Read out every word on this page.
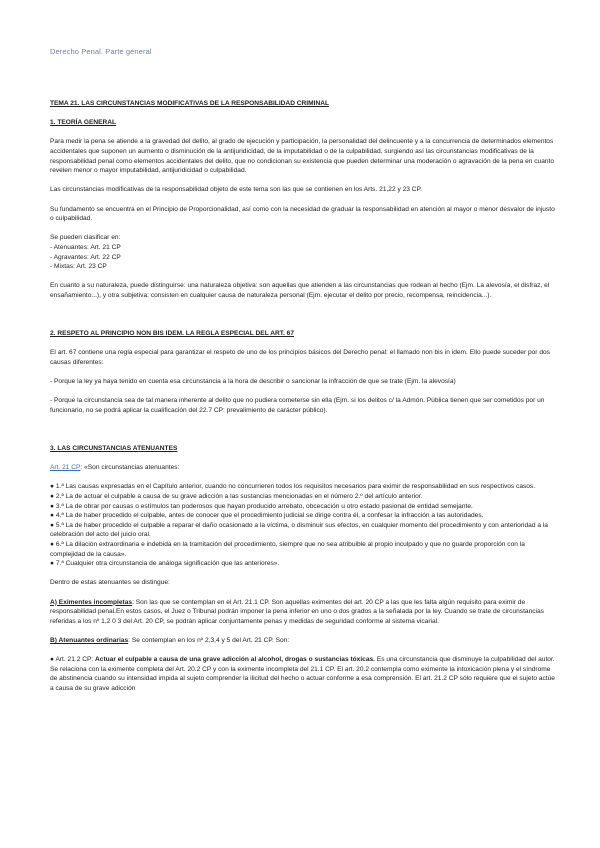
Derecho Penal. Parte general

TEMA 21. LAS CIRCUNSTANCIAS MODIFICATIVAS DE LA RESPONSABILIDAD CRIMINAL

1. TEORÍA GENERAL

Para medir la pena se atiende a la gravedad del delito, al grado de ejecución y participación, la personalidad del delincuente y a la concurrencia de determinados elementos accidentales que suponen un aumento o disminución de la antijuridicidad, de la imputabilidad o de la culpabilidad, surgiendo así las circunstancias modificativas de la responsabilidad penal como elementos accidentales del delito, que no condicionan su existencia que pueden determinar una moderación o agravación de la pena en cuanto revelen menor o mayor imputabilidad, antijuridicidad o culpabilidad.

Las circunstancias modificativas de la responsabilidad objeto de este tema son las que se contienen en los Arts. 21,22 y 23 CP.

Su fundamento se encuentra en el Principio de Proporcionalidad, así como con la necesidad de graduar la responsabilidad en atención al mayor o menor desvalor de injusto o culpabilidad.

Se pueden clasificar en:
- Atenuantes: Art. 21 CP
- Agravantes: Art. 22 CP
- Mixtas: Art. 23 CP

En cuanto a su naturaleza, puede distinguirse: una naturaleza objetiva: son aquellas que atienden a las circunstancias que rodean al hecho (Ejm. La alevosía, el disfraz, el ensañamiento...), y otra subjetiva: consisten en cualquier causa de naturaleza personal (Ejm. ejecutar el delito por precio, recompensa, reincidencia...).

2. RESPETO AL PRINCIPIO NON BIS IDEM. LA REGLA ESPECIAL DEL ART. 67

El art. 67 contiene una regla especial para garantizar el respeto de uno de los principios básicos del Derecho penal: el llamado non bis in idem. Ello puede suceder por dos causas diferentes:

- Porque la ley ya haya tenido en cuenta esa circunstancia a la hora de describir o sancionar la infracción de que se trate (Ejm. la alevosía)

- Porque la circunstancia sea de tal manera inherente al delito que no pudiera cometerse sin ella (Ejm. si los delitos c/ la Admón. Pública tienen que ser cometidos por un funcionario, no se podrá aplicar la cualificación del 22.7 CP: prevalimiento de carácter público).

3. LAS CIRCUNSTANCIAS ATENUANTES

Art. 21 CP: «Son circunstancias atenuantes:

● 1.ª Las causas expresadas en el Capítulo anterior, cuando no concurrieren todos los requisitos necesarios para eximir de responsabilidad en sus respectivos casos.
● 2.ª La de actuar el culpable a causa de su grave adicción a las sustancias mencionadas en el número 2.º del artículo anterior.
● 3.ª La de obrar por causas o estímulos tan poderosos que hayan producido arrebato, obcecación u otro estado pasional de entidad semejante.
● 4.ª La de haber procedido el culpable, antes de conocer que el procedimiento judicial se dirige contra él, a confesar la infracción a las autoridades.
● 5.ª La de haber procedido el culpable a reparar el daño ocasionado a la víctima, o disminuir sus efectos, en cualquier momento del procedimiento y con anterioridad a la celebración del acto del juicio oral.
● 6.ª La dilación extraordinaria e indebida en la tramitación del procedimiento, siempre que no sea atribuible al propio inculpado y que no guarde proporción con la complejidad de la causa».
● 7.ª Cualquier otra circunstancia de análoga significación que las anteriores».

Dentro de estas atenuantes se distingue:

A) Eximentes incompletas: Son las que se contemplan en el Art. 21.1 CP. Son aquellas eximentes del art. 20 CP a las que les falta algún requisito para eximir de responsabilidad penal.En estos casos, el Juez o Tribunal podrán imponer la pena inferior en uno o dos grados a la señalada por la ley. Cuando se trate de circunstancias referidas a los nº 1,2 0 3 del Art. 20 CP, se podrán aplicar conjuntamente penas y medidas de seguridad conforme al sistema vicarial.

B) Atenuantes ordinarias: Se contemplan en los nº 2,3,4 y 5 del Art. 21 CP. Son:

● Art. 21.2 CP: Actuar el culpable a causa de una grave adicción al alcohol, drogas o sustancias tóxicas. Es una circunstancia que disminuye la culpabilidad del autor. Se relaciona con la eximente completa del Art. 20.2 CP y con la eximente incompleta del 21.1 CP. El art. 20.2 contempla como eximente la intoxicación plena y el síndrome de abstinencia cuando su intensidad impida al sujeto comprender la ilicitud del hecho o actuar conforme a esa comprensión. El art. 21.2 CP sólo requiere que el sujeto actúe a causa de su grave adicción
